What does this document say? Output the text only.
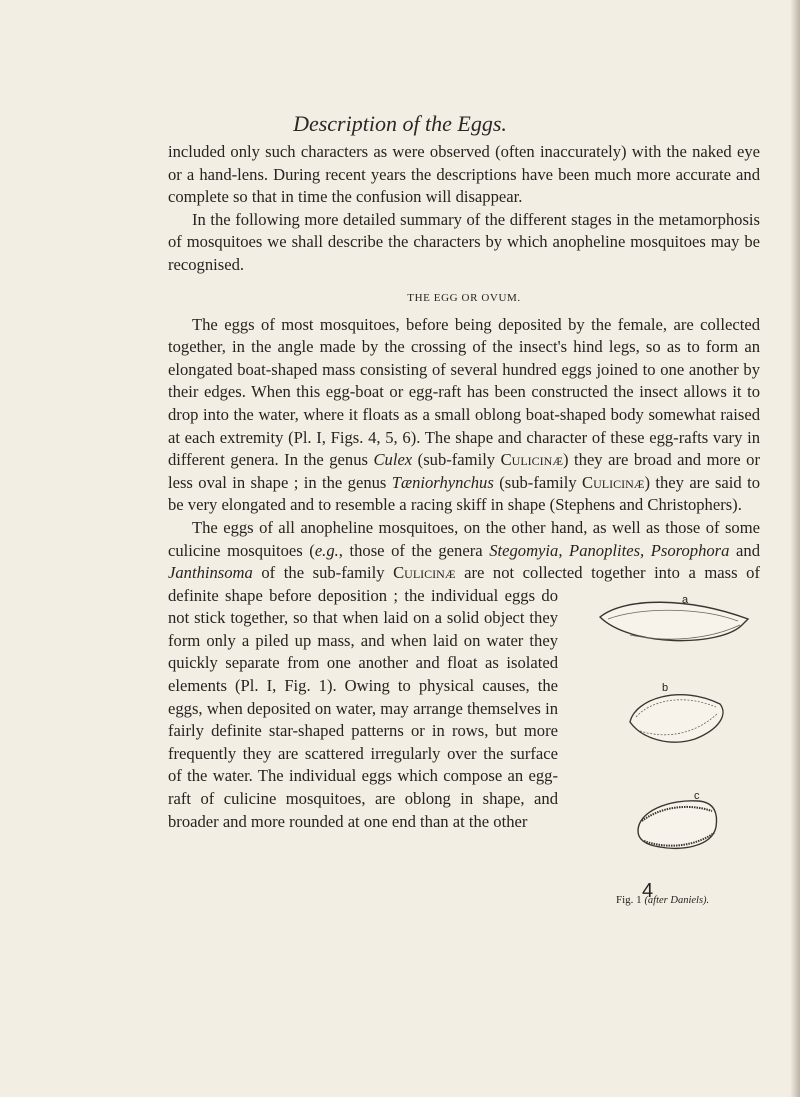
Description of the Eggs.

included only such characters as were observed (often inaccurately) with the naked eye or a hand-lens. During recent years the descriptions have been much more accurate and complete so that in time the confusion will disappear.

In the following more detailed summary of the different stages in the metamorphosis of mosquitoes we shall describe the characters by which anopheline mosquitoes may be recognised.

THE EGG OR OVUM.

The eggs of most mosquitoes, before being deposited by the female, are collected together, in the angle made by the crossing of the insect's hind legs, so as to form an elongated boat-shaped mass consisting of several hundred eggs joined to one another by their edges. When this egg-boat or egg-raft has been constructed the insect allows it to drop into the water, where it floats as a small oblong boat-shaped body somewhat raised at each extremity (Pl. I, Figs. 4, 5, 6). The shape and character of these egg-rafts vary in different genera. In the genus Culex (sub-family Culicinæ) they are broad and more or less oval in shape ; in the genus Tæniorhynchus (sub-family Culicinæ) they are said to be very elongated and to resemble a racing skiff in shape (Stephens and Christophers).

The eggs of all anopheline mosquitoes, on the other hand, as well as those of some culicine mosquitoes (e.g., those of the genera Stegomyia, Panoplites, Psorophora and Janthinsoma of the sub-family Culicinæ are not collected together into a mass of definite shape before	a
b
c
Fig. 1 (after Daniels).
deposition ; the individual eggs do not stick together, so that when laid on a solid object they form only a piled up mass, and when laid on water they quickly separate from one another and float as isolated elements (Pl. I, Fig. 1). Owing to physical causes, the eggs, when deposited on water, may arrange themselves in fairly definite star-shaped patterns or in rows, but more frequently they are scattered irregularly over the surface of the water. The individual eggs which compose an egg-raft of culicine mosquitoes, are oblong in shape, and broader and more rounded at one end than at the other

4
